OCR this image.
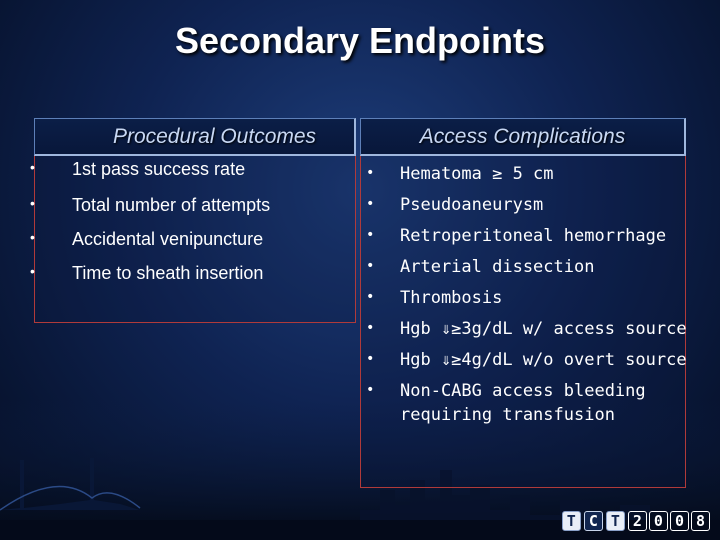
Secondary Endpoints
Procedural Outcomes
• 1st pass success rate
• Total number of attempts
• Accidental venipuncture
• Time to sheath insertion
Access Complications
• Hematoma ≥ 5 cm
• Pseudoaneurysm
• Retroperitoneal hemorrhage
• Arterial dissection
• Thrombosis
• Hgb ⇓≥3g/dL w/ access source
• Hgb ⇓≥4g/dL w/o overt source
• Non-CABG access bleeding requiring transfusion
T C T 2 0 0 8
